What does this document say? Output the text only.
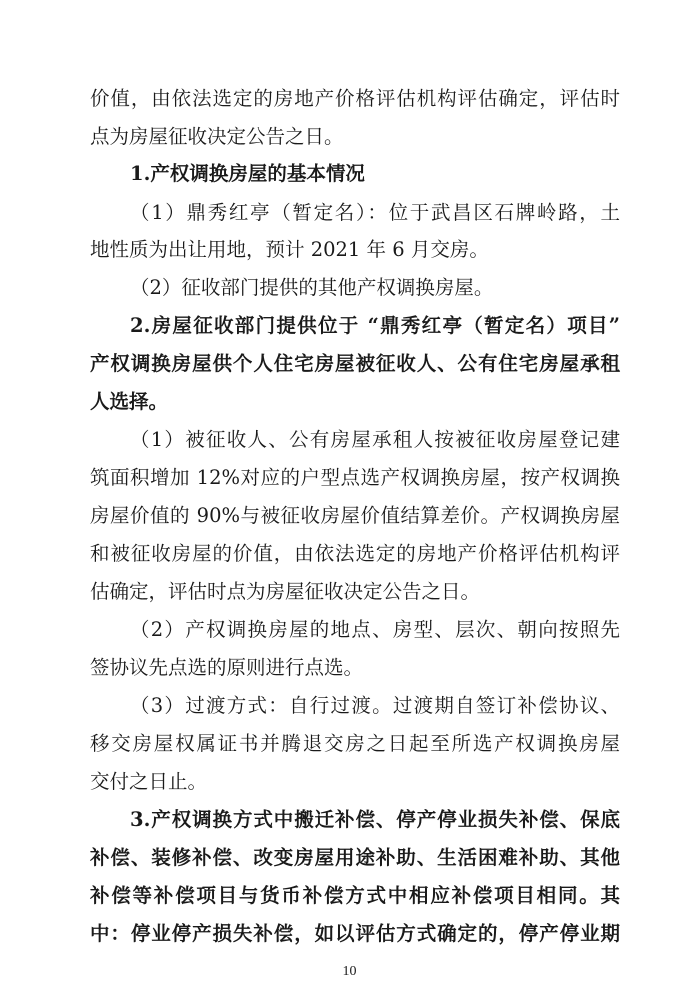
价值，由依法选定的房地产价格评估机构评估确定，评估时
点为房屋征收决定公告之日。
1.产权调换房屋的基本情况
（1）鼎秀红亭（暂定名）：位于武昌区石牌岭路，土
地性质为出让用地，预计 2021 年 6 月交房。
（2）征收部门提供的其他产权调换房屋。
2.房屋征收部门提供位于 “鼎秀红亭（暂定名）项目”
产权调换房屋供个人住宅房屋被征收人、公有住宅房屋承租
人选择。
（1）被征收人、公有房屋承租人按被征收房屋登记建
筑面积增加 12%对应的户型点选产权调换房屋，按产权调换
房屋价值的 90%与被征收房屋价值结算差价。产权调换房屋
和被征收房屋的价值，由依法选定的房地产价格评估机构评
估确定，评估时点为房屋征收决定公告之日。
（2）产权调换房屋的地点、房型、层次、朝向按照先
签协议先点选的原则进行点选。
（3）过渡方式：自行过渡。过渡期自签订补偿协议、
移交房屋权属证书并腾退交房之日起至所选产权调换房屋
交付之日止。
3.产权调换方式中搬迁补偿、停产停业损失补偿、保底
补偿、装修补偿、改变房屋用途补助、生活困难补助、其他
补偿等补偿项目与货币补偿方式中相应补偿项目相同。其
中：停业停产损失补偿，如以评估方式确定的，停产停业期
10
